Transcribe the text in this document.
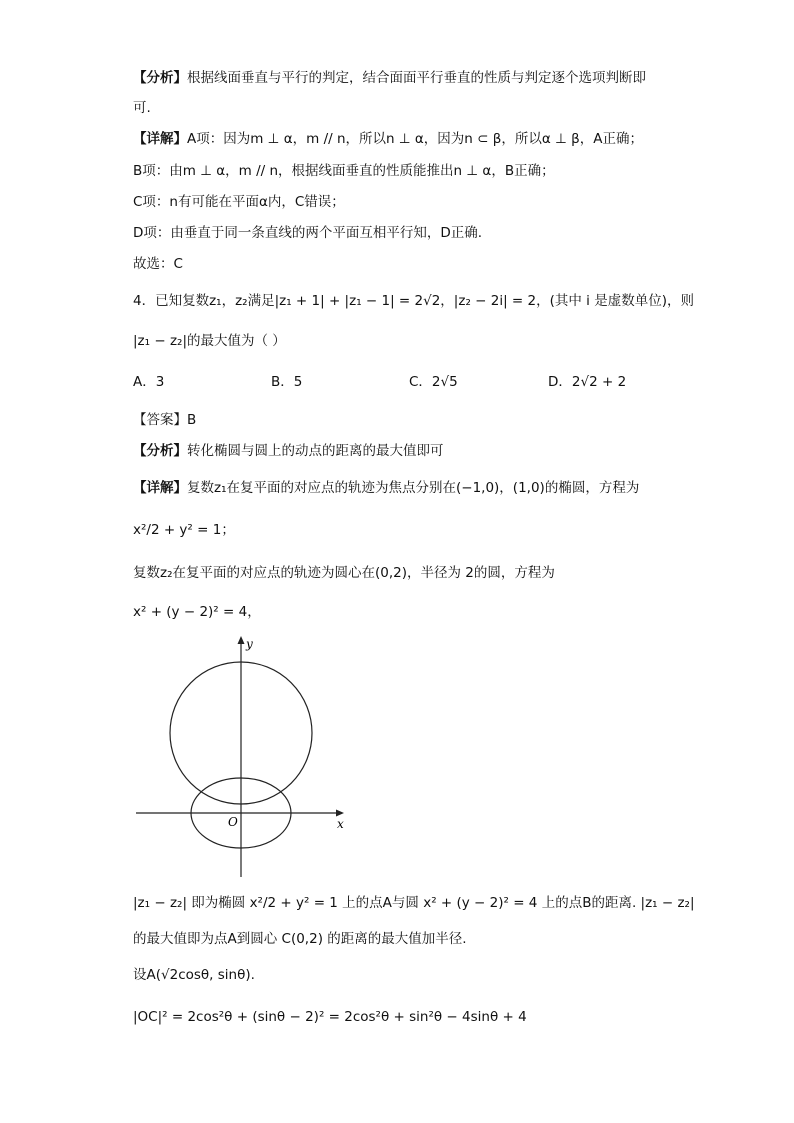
【分析】根据线面垂直与平行的判定，结合面面平行垂直的性质与判定逐个选项判断即
可.
【详解】A项：因为m ⊥ α，m // n，所以n ⊥ α，因为n ⊂ β，所以α ⊥ β，A正确；
B项：由m ⊥ α，m // n，根据线面垂直的性质能推出n ⊥ α，B正确；
C项：n有可能在平面α内，C错误；
D项：由垂直于同一条直线的两个平面互相平行知，D正确.
故选：C
4．已知复数z₁，z₂满足|z₁ + 1| + |z₁ − 1| = 2√2，|z₂ − 2i| = 2，(其中 i 是虚数单位)，则
|z₁ − z₂|的最大值为（ ）
A．3	B．5	C．2√5	D．2√2 + 2
【答案】B
【分析】转化椭圆与圆上的动点的距离的最大值即可
【详解】复数z₁在复平面的对应点的轨迹为焦点分别在(−1,0)，(1,0)的椭圆，方程为
x²/2 + y² = 1；
复数z₂在复平面的对应点的轨迹为圆心在(0,2)，半径为 2的圆，方程为
x² + (y − 2)² = 4，
y
x
O
|z₁ − z₂| 即为椭圆 x²/2 + y² = 1 上的点A与圆 x² + (y − 2)² = 4 上的点B的距离. |z₁ − z₂|
的最大值即为点A到圆心 C(0,2) 的距离的最大值加半径.
设A(√2cosθ, sinθ).
|OC|² = 2cos²θ + (sinθ − 2)² = 2cos²θ + sin²θ − 4sinθ + 4
